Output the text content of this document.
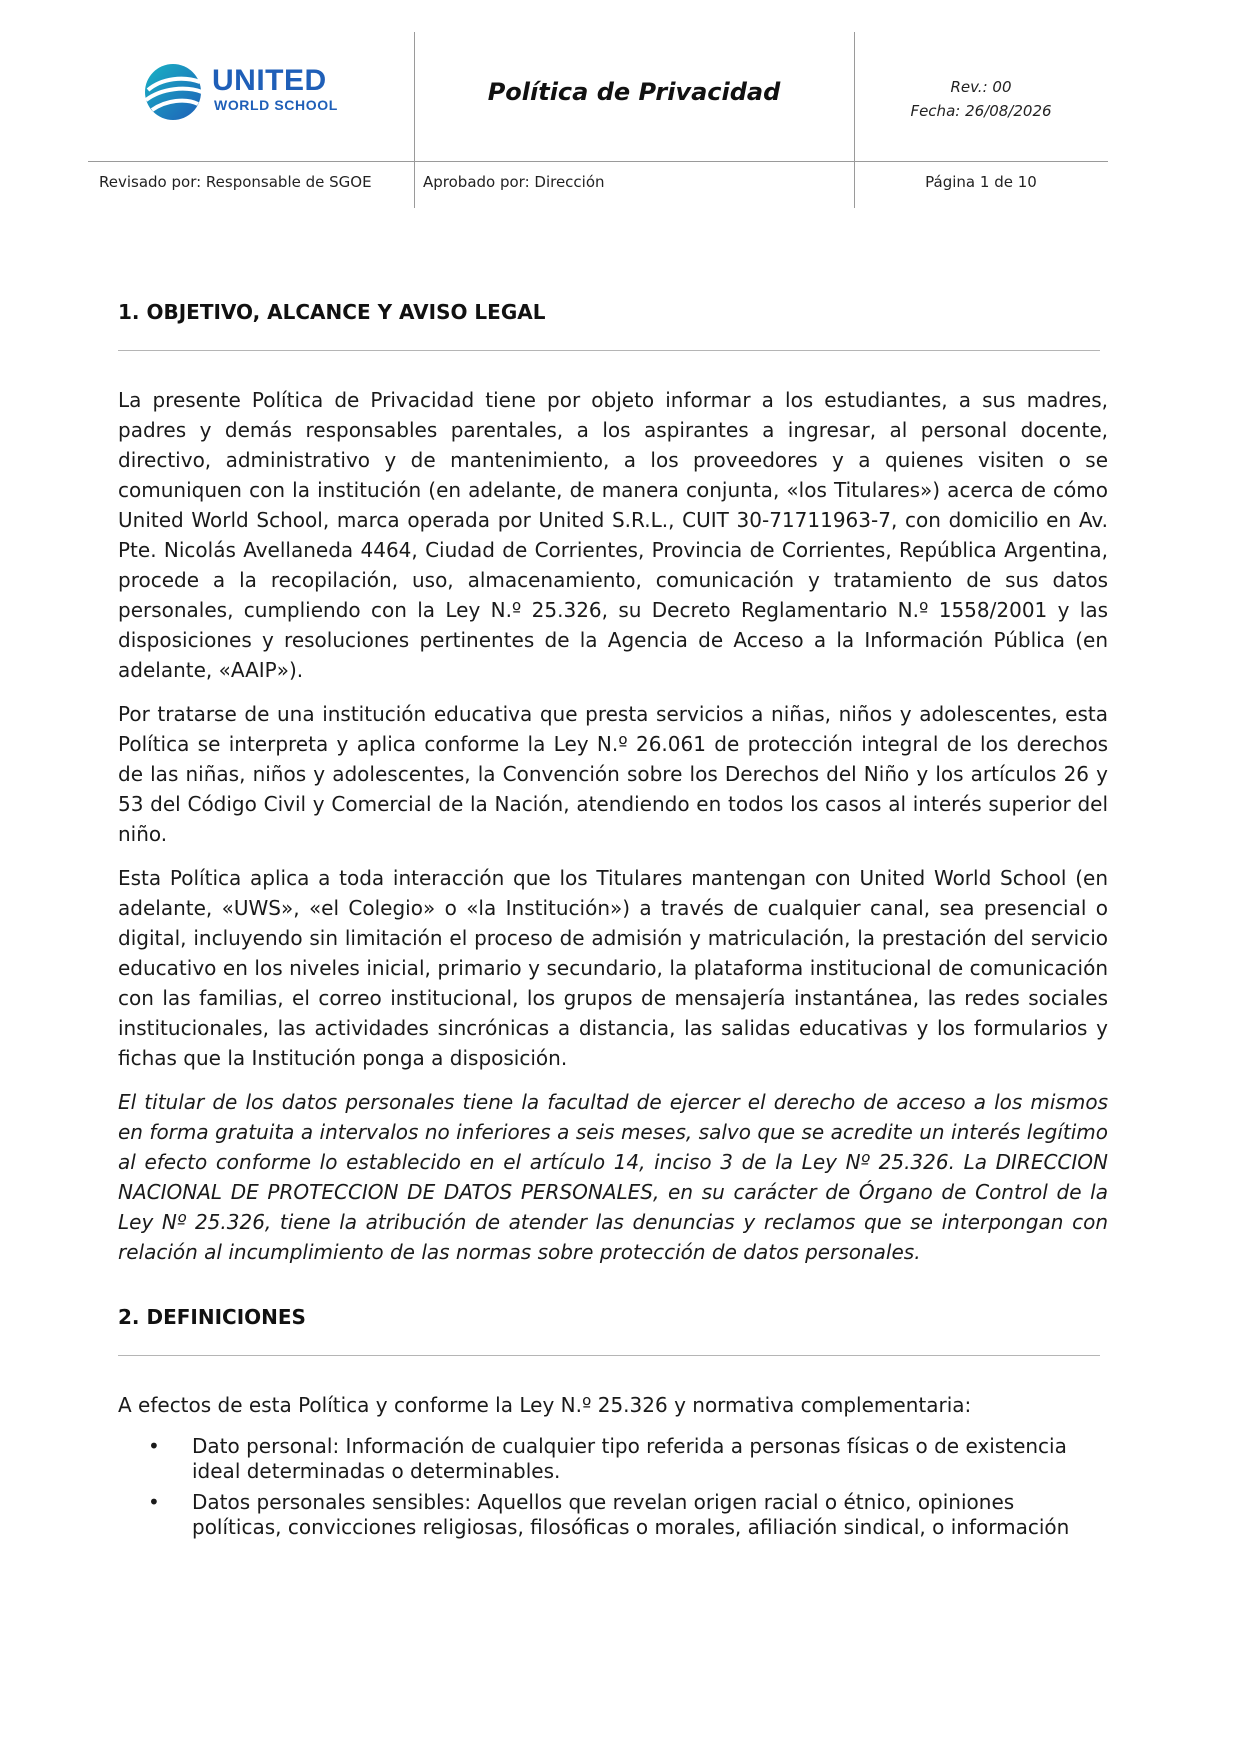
UNITED
WORLD SCHOOL	Política de Privacidad	Rev.: 00
Fecha: 26/08/2026
Revisado por: Responsable de SGOE	Aprobado por: Dirección	Página 1 de 10
1. OBJETIVO, ALCANCE Y AVISO LEGAL

La presente Política de Privacidad tiene por objeto informar a los estudiantes, a sus madres, padres y demás responsables parentales, a los aspirantes a ingresar, al personal docente, directivo, administrativo y de mantenimiento, a los proveedores y a quienes visiten o se comuniquen con la institución (en adelante, de manera conjunta, «los Titulares») acerca de cómo United World School, marca operada por United S.R.L., CUIT 30-71711963-7, con domicilio en Av. Pte. Nicolás Avellaneda 4464, Ciudad de Corrientes, Provincia de Corrientes, República Argentina, procede a la recopilación, uso, almacenamiento, comunicación y tratamiento de sus datos personales, cumpliendo con la Ley N.º 25.326, su Decreto Reglamentario N.º 1558/2001 y las disposiciones y resoluciones pertinentes de la Agencia de Acceso a la Información Pública (en adelante, «AAIP»).

Por tratarse de una institución educativa que presta servicios a niñas, niños y adolescentes, esta Política se interpreta y aplica conforme la Ley N.º 26.061 de protección integral de los derechos de las niñas, niños y adolescentes, la Convención sobre los Derechos del Niño y los artículos 26 y 53 del Código Civil y Comercial de la Nación, atendiendo en todos los casos al interés superior del niño.

Esta Política aplica a toda interacción que los Titulares mantengan con United World School (en adelante, «UWS», «el Colegio» o «la Institución») a través de cualquier canal, sea presencial o digital, incluyendo sin limitación el proceso de admisión y matriculación, la prestación del servicio educativo en los niveles inicial, primario y secundario, la plataforma institucional de comunicación con las familias, el correo institucional, los grupos de mensajería instantánea, las redes sociales institucionales, las actividades sincrónicas a distancia, las salidas educativas y los formularios y fichas que la Institución ponga a disposición.

El titular de los datos personales tiene la facultad de ejercer el derecho de acceso a los mismos en forma gratuita a intervalos no inferiores a seis meses, salvo que se acredite un interés legítimo al efecto conforme lo establecido en el artículo 14, inciso 3 de la Ley Nº 25.326. La DIRECCION NACIONAL DE PROTECCION DE DATOS PERSONALES, en su carácter de Órgano de Control de la Ley Nº 25.326, tiene la atribución de atender las denuncias y reclamos que se interpongan con relación al incumplimiento de las normas sobre protección de datos personales.

2. DEFINICIONES

A efectos de esta Política y conforme la Ley N.º 25.326 y normativa complementaria:

• Dato personal: Información de cualquier tipo referida a personas físicas o de existencia ideal determinadas o determinables.
• Datos personales sensibles: Aquellos que revelan origen racial o étnico, opiniones políticas, convicciones religiosas, filosóficas o morales, afiliación sindical, o información
